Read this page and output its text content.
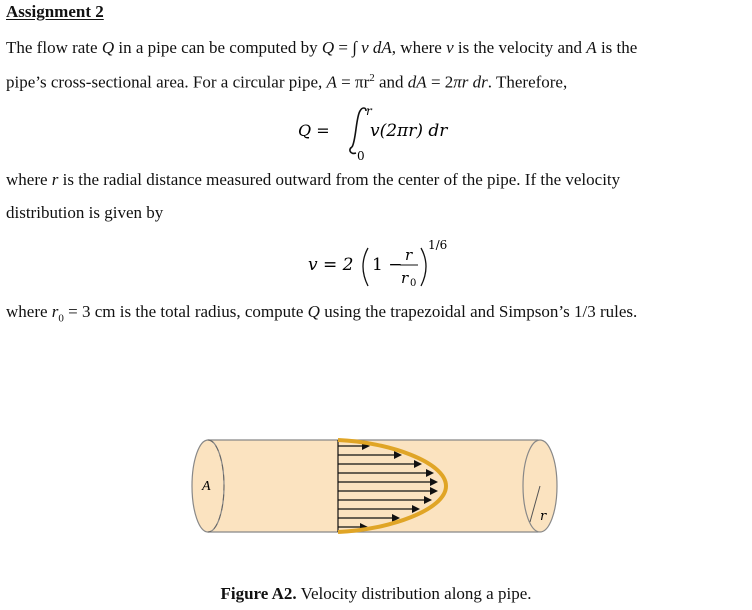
Assignment 2
The flow rate Q in a pipe can be computed by Q = ∫ v dA, where v is the velocity and A is the
pipe’s cross-sectional area. For a circular pipe, $A = \pi r^2$ and dA = 2πr dr. Therefore,
Q =
r
0
v(2πr) dr
where r is the radial distance measured outward from the center of the pipe. If the velocity
distribution is given by
v = 2 1 − r
r 0
1/6
where $r_0 = 3$ cm is the total radius, compute Q using the trapezoidal and Simpson’s 1/3 rules.
r
A
Figure A2. Velocity distribution along a pipe.
